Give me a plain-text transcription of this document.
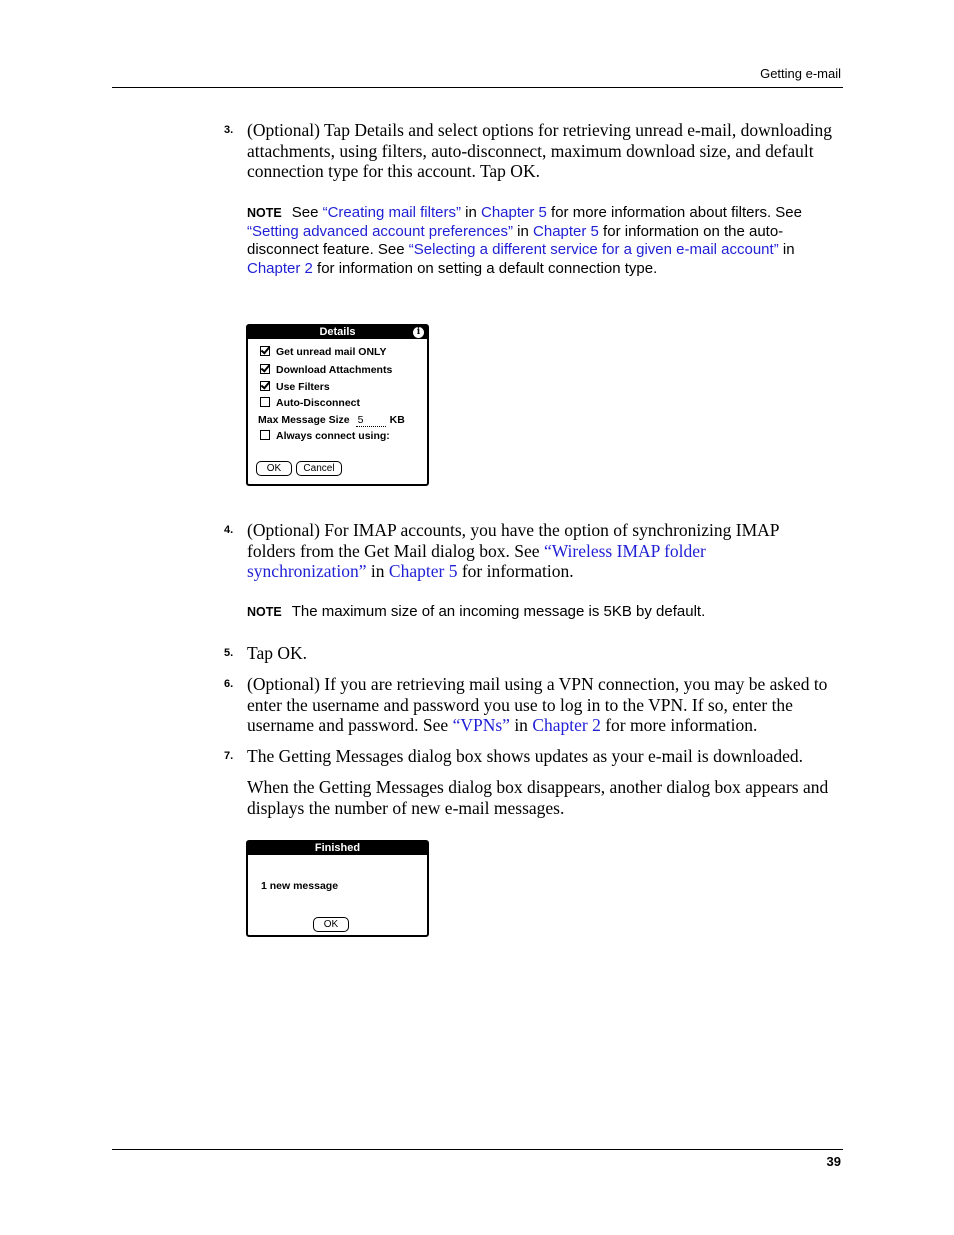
Getting e-mail
3. (Optional) Tap Details and select options for retrieving unread e-mail, downloading attachments, using filters, auto-disconnect, maximum download size, and default connection type for this account. Tap OK.
NOTE See “Creating mail filters” in Chapter 5 for more information about filters. See “Setting advanced account preferences” in Chapter 5 for information on the auto-disconnect feature. See “Selecting a different service for a given e-mail account” in Chapter 2 for information on setting a default connection type.
Details	i
Get unread mail ONLY
Download Attachments
Use Filters
Auto-Disconnect
Max Message Size 5 KB
Always connect using:
OK	Cancel
4. (Optional) For IMAP accounts, you have the option of synchronizing IMAP folders from the Get Mail dialog box. See “Wireless IMAP folder synchronization” in Chapter 5 for information.
NOTE The maximum size of an incoming message is 5KB by default.
5. Tap OK.
6. (Optional) If you are retrieving mail using a VPN connection, you may be asked to enter the username and password you use to log in to the VPN. If so, enter the username and password. See “VPNs” in Chapter 2 for more information.
7. The Getting Messages dialog box shows updates as your e-mail is downloaded.
When the Getting Messages dialog box disappears, another dialog box appears and displays the number of new e-mail messages.
Finished
1 new message
OK
39
